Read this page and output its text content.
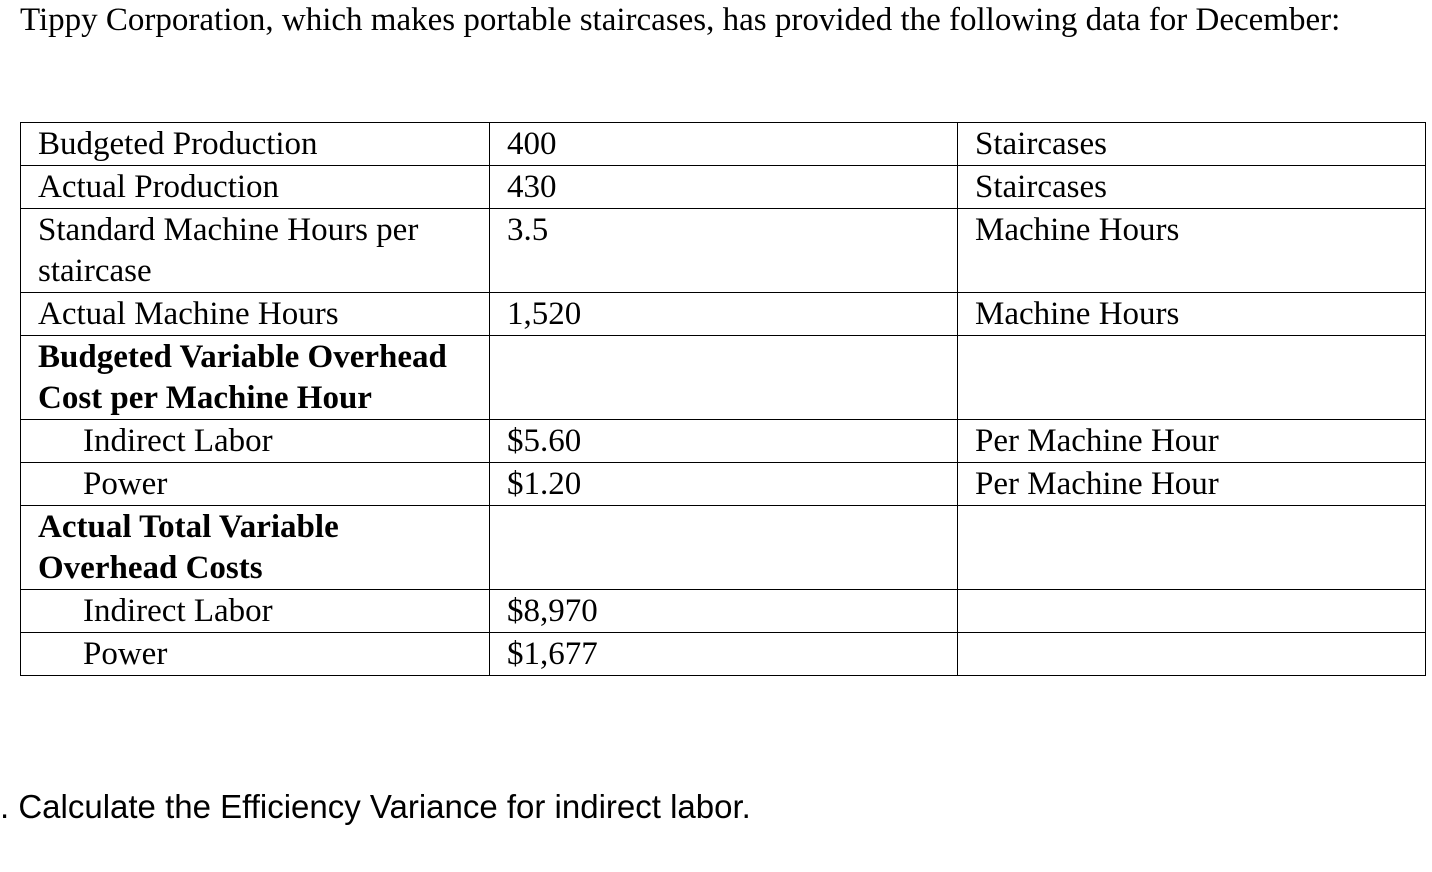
Tippy Corporation, which makes portable staircases, has provided the following data for December:

Budgeted Production	400	Staircases
Actual Production	430	Staircases
Standard Machine Hours per staircase	3.5	Machine Hours
Actual Machine Hours	1,520	Machine Hours
Budgeted Variable Overhead Cost per Machine Hour		
Indirect Labor	$5.60	Per Machine Hour
Power	$1.20	Per Machine Hour
Actual Total Variable Overhead Costs		
Indirect Labor	$8,970	
Power	$1,677	
. Calculate the Efficiency Variance for indirect labor.
